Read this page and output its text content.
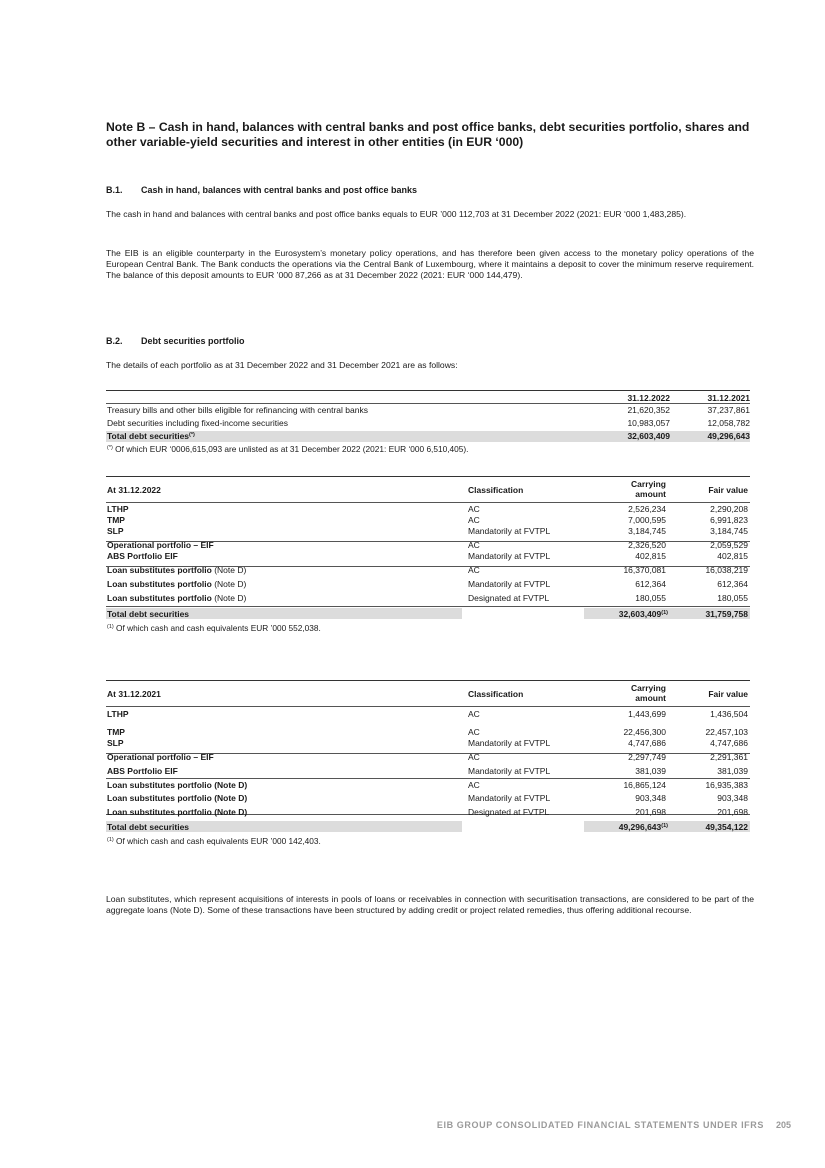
Note B – Cash in hand, balances with central banks and post office banks, debt securities portfolio, shares and other variable-yield securities and interest in other entities (in EUR ‘000)
B.1. Cash in hand, balances with central banks and post office banks
The cash in hand and balances with central banks and post office banks equals to EUR ’000 112,703 at 31 December 2022 (2021: EUR ‘000 1,483,285).
The EIB is an eligible counterparty in the Eurosystem’s monetary policy operations, and has therefore been given access to the monetary policy operations of the European Central Bank. The Bank conducts the operations via the Central Bank of Luxembourg, where it maintains a deposit to cover the minimum reserve requirement. The balance of this deposit amounts to EUR ’000 87,266 as at 31 December 2022 (2021: EUR ‘000 144,479).
B.2. Debt securities portfolio
The details of each portfolio as at 31 December 2022 and 31 December 2021 are as follows:
31.12.2022	31.12.2021
Treasury bills and other bills eligible for refinancing with central banks	21,620,352	37,237,861
Debt securities including fixed-income securities	10,983,057	12,058,782
Total debt securities(*)	32,603,409	49,296,643
(*) Of which EUR ‘0006,615,093 are unlisted as at 31 December 2022 (2021: EUR ‘000 6,510,405).
At 31.12.2022	Classification
Carrying
amount	Fair value
Total debt securities	32,603,409$^{(1)}$	31,759,758
$^{(1)}$ Of which cash and cash equivalents EUR ’000 552,038.
LTHP	AC	2,526,234	2,290,208
TMP	AC	7,000,595	6,991,823
SLP	Mandatorily at FVTPL	3,184,745	3,184,745
Operational portfolio – EIF	AC	2,326,520	2,059,529
ABS Portfolio EIF	Mandatorily at FVTPL	402,815	402,815
Loan substitutes portfolio (Note D)	AC	16,370,081	16,038,219
Loan substitutes portfolio (Note D)	Mandatorily at FVTPL	612,364	612,364
Loan substitutes portfolio (Note D)	Designated at FVTPL	180,055	180,055
At 31.12.2021	Classification
Carrying
amount	Fair value
Total debt securities	49,296,643$^{(1)}$	49,354,122
$^{(1)}$ Of which cash and cash equivalents EUR ’000 142,403.
LTHP	AC	1,443,699	1,436,504
TMP	AC	22,456,300	22,457,103
SLP	Mandatorily at FVTPL	4,747,686	4,747,686
Operational portfolio – EIF	AC	2,297,749	2,291,361
ABS Portfolio EIF	Mandatorily at FVTPL	381,039	381,039
Loan substitutes portfolio (Note D)	AC	16,865,124	16,935,383
Loan substitutes portfolio (Note D)	Mandatorily at FVTPL	903,348	903,348
Loan substitutes portfolio (Note D)	Designated at FVTPL	201,698	201,698
Loan substitutes, which represent acquisitions of interests in pools of loans or receivables in connection with securitisation transactions, are considered to be part of the aggregate loans (Note D). Some of these transactions have been structured by adding credit or project related remedies, thus offering additional recourse.
EIB GROUP CONSOLIDATED FINANCIAL STATEMENTS UNDER IFRS 205
